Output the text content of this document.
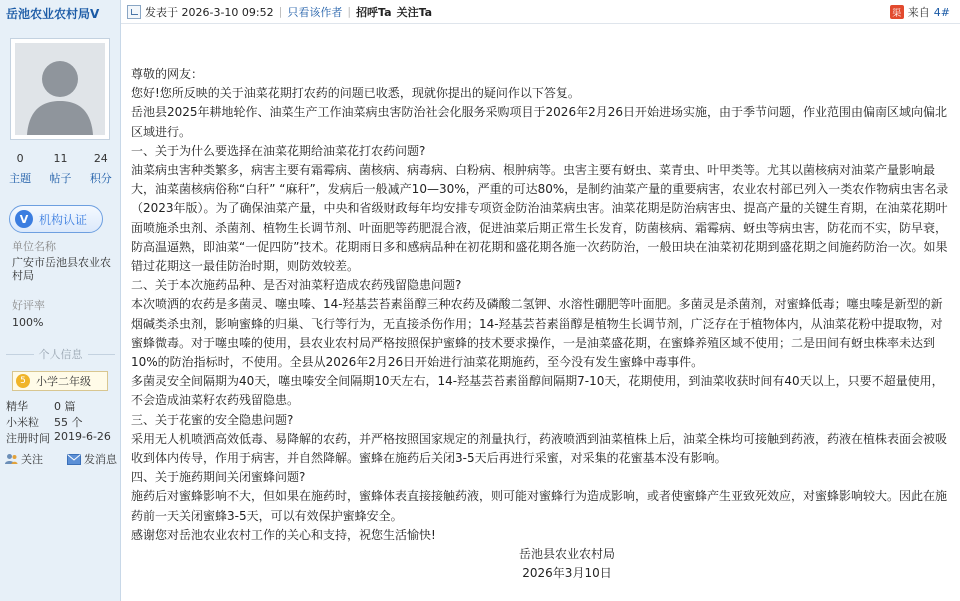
岳池农业农村局V
0
主题
11
帖子
24
积分
V 机构认证
单位名称
广安市岳池县农业农村局
好评率
100%
个人信息
5 小学二年级
精华	0 篇
小米粒	55 个
注册时间 2019-6-26
关注	发消息
发表于 2026-3-10 09:52 | 只看该作者 | 招呼Ta 关注Ta	渠 来自 4#

尊敬的网友：

您好!您所反映的关于油菜花期打农药的问题已收悉，现就你提出的疑问作以下答复。

岳池县2025年耕地轮作、油菜生产工作油菜病虫害防治社会化服务采购项目于2026年2月26日开始进场实施，由于季节问题，作业范围由偏南区域向偏北区域进行。

一、关于为什么要选择在油菜花期给油菜花打农药问题?

油菜病虫害种类繁多，病害主要有霜霉病、菌核病、病毒病、白粉病、根肿病等。虫害主要有蚜虫、菜青虫、叶甲类等。尤其以菌核病对油菜产量影响最大，油菜菌核病俗称“白秆” “麻秆”，发病后一般减产10—30%，严重的可达80%，是制约油菜产量的重要病害，农业农村部已列入一类农作物病虫害名录（2023年版）。为了确保油菜产量，中央和省级财政每年均安排专项资金防治油菜病虫害。油菜花期是防治病害虫、提高产量的关键生育期，在油菜花期叶面喷施杀虫剂、杀菌剂、植物生长调节剂、叶面肥等药肥混合液，促进油菜后期正常生长发育，防菌核病、霜霉病、蚜虫等病虫害，防花而不实，防早衰，防高温逼熟，即油菜“一促四防”技术。花期雨日多和感病品种在初花期和盛花期各施一次药防治，一般田块在油菜初花期到盛花期之间施药防治一次。如果错过花期这一最佳防治时期，则防效较差。

二、关于本次施药品种、是否对油菜籽造成农药残留隐患问题?

本次喷洒的农药是多菌灵、噻虫嗪、14-羟基芸苔素甾醇三种农药及磷酸二氢钾、水溶性硼肥等叶面肥。多菌灵是杀菌剂，对蜜蜂低毒；噻虫嗪是新型的新烟碱类杀虫剂，影响蜜蜂的归巢、飞行等行为，无直接杀伤作用；14-羟基芸苔素甾醇是植物生长调节剂，广泛存在于植物体内，从油菜花粉中提取物，对蜜蜂微毒。对于噻虫嗪的使用，县农业农村局严格按照保护蜜蜂的技术要求操作，一是油菜盛花期，在蜜蜂养殖区域不使用；二是田间有蚜虫株率未达到10%的防治指标时，不使用。全县从2026年2月26日开始进行油菜花期施药，至今没有发生蜜蜂中毒事件。

多菌灵安全间隔期为40天，噻虫嗪安全间隔期10天左右，14-羟基芸苔素甾醇间隔期7-10天，花期使用，到油菜收获时间有40天以上，只要不超量使用，不会造成油菜籽农药残留隐患。

三、关于花蜜的安全隐患问题?

采用无人机喷洒高效低毒、易降解的农药，并严格按照国家规定的剂量执行，药液喷洒到油菜植株上后，油菜全株均可接触到药液，药液在植株表面会被吸收到体内传导，作用于病害，并自然降解。蜜蜂在施药后关闭3-5天后再进行采蜜，对采集的花蜜基本没有影响。

四、关于施药期间关闭蜜蜂问题?

施药后对蜜蜂影响不大，但如果在施药时，蜜蜂体表直接接触药液，则可能对蜜蜂行为造成影响，或者使蜜蜂产生亚致死效应，对蜜蜂影响较大。因此在施药前一天关闭蜜蜂3-5天，可以有效保护蜜蜂安全。

感谢您对岳池农业农村工作的关心和支持，祝您生活愉快!

岳池县农业农村局

2026年3月10日
